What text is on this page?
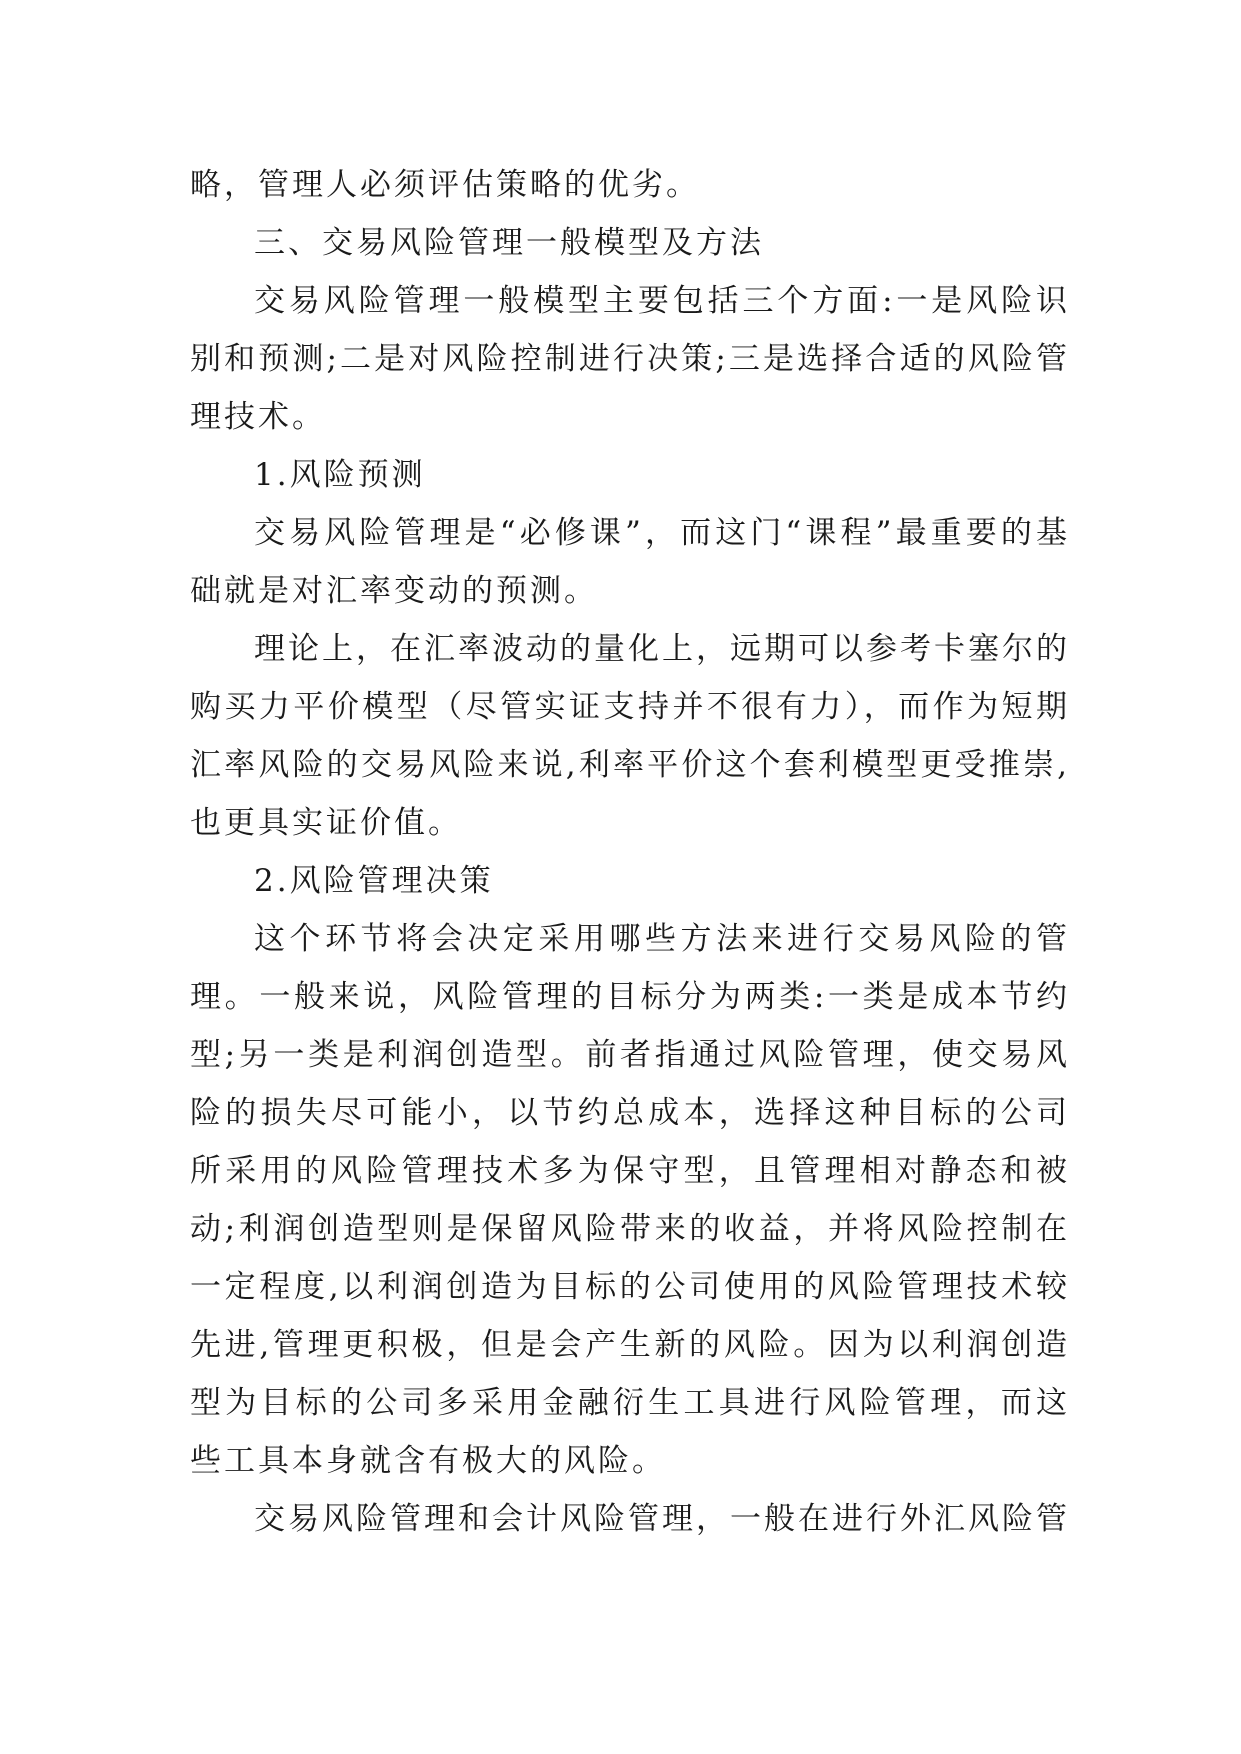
略，管理人必须评估策略的优劣。

三、交易风险管理一般模型及方法

交易风险管理一般模型主要包括三个方面:一是风险识别和预测;二是对风险控制进行决策;三是选择合适的风险管理技术。

1.风险预测

交易风险管理是“必修课”，而这门“课程”最重要的基础就是对汇率变动的预测。

理论上，在汇率波动的量化上，远期可以参考卡塞尔的购买力平价模型（尽管实证支持并不很有力），而作为短期汇率风险的交易风险来说,利率平价这个套利模型更受推崇,也更具实证价值。

2.风险管理决策

这个环节将会决定采用哪些方法来进行交易风险的管理。一般来说，风险管理的目标分为两类:一类是成本节约型;另一类是利润创造型。前者指通过风险管理，使交易风险的损失尽可能小，以节约总成本，选择这种目标的公司所采用的风险管理技术多为保守型，且管理相对静态和被动;利润创造型则是保留风险带来的收益，并将风险控制在一定程度,以利润创造为目标的公司使用的风险管理技术较先进,管理更积极，但是会产生新的风险。因为以利润创造型为目标的公司多采用金融衍生工具进行风险管理，而这些工具本身就含有极大的风险。

交易风险管理和会计风险管理，一般在进行外汇风险管
